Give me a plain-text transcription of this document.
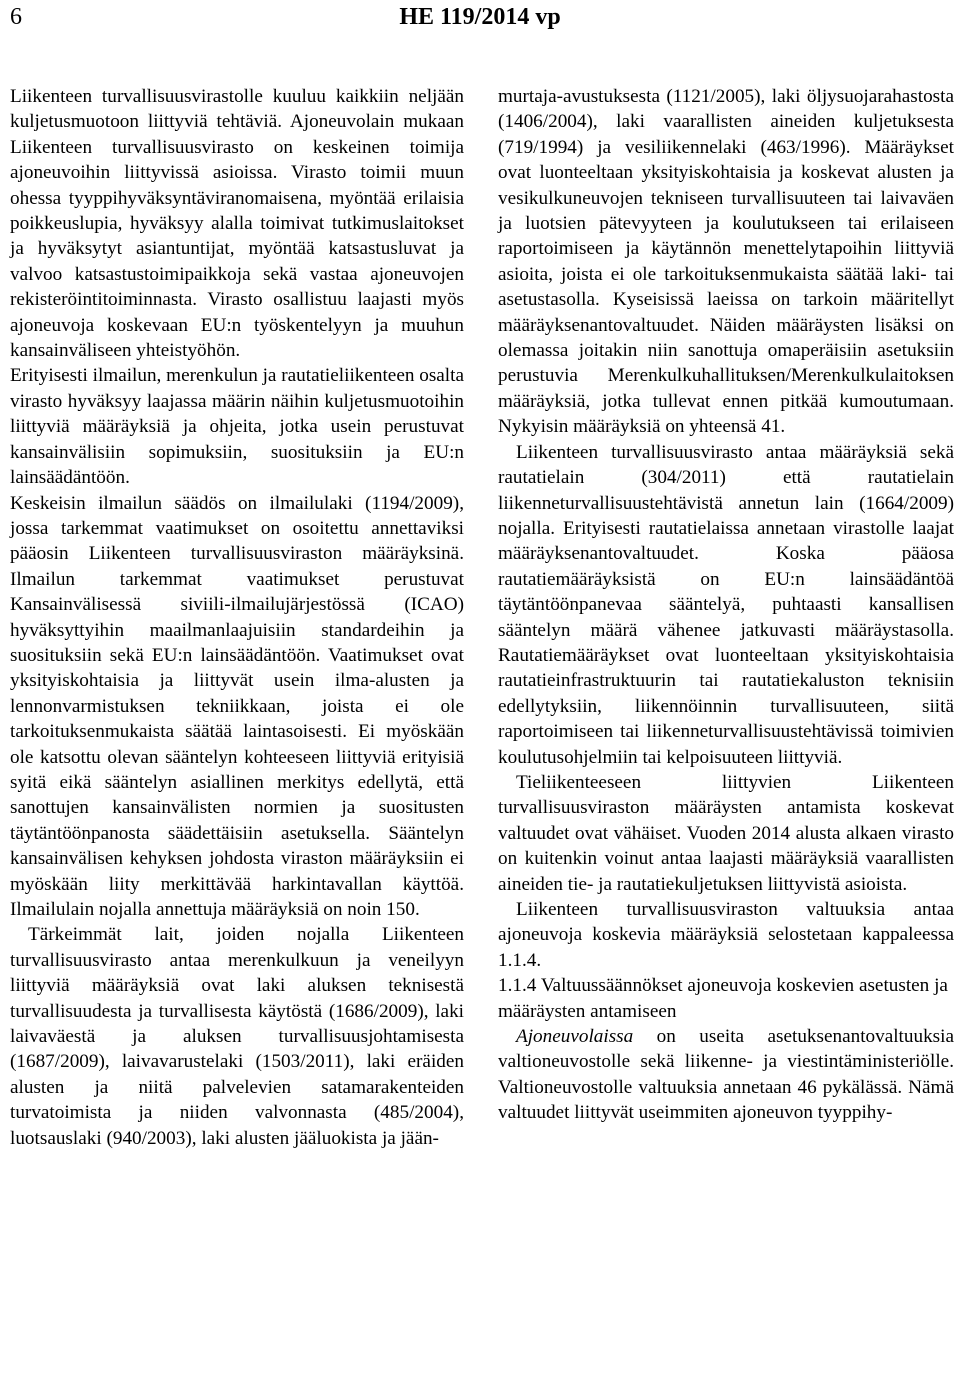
6	HE 119/2014 vp

Liikenteen turvallisuusvirastolle kuuluu kaikkiin neljään kuljetusmuotoon liittyviä tehtäviä. Ajoneuvolain mukaan Liikenteen turvallisuusvirasto on keskeinen toimija ajoneuvoihin liittyvissä asioissa. Virasto toimii muun ohessa tyyppihyväksyntäviranomaisena, myöntää erilaisia poikkeuslupia, hyväksyy alalla toimivat tutkimuslaitokset ja hyväksytyt asiantuntijat, myöntää katsastusluvat ja valvoo katsastustoimipaikkoja sekä vastaa ajoneuvojen rekisteröintitoiminnasta. Virasto osallistuu laajasti myös ajoneuvoja koskevaan EU:n työskentelyyn ja muuhun kansainväliseen yhteistyöhön.

Erityisesti ilmailun, merenkulun ja rautatieliikenteen osalta virasto hyväksyy laajassa määrin näihin kuljetusmuotoihin liittyviä määräyksiä ja ohjeita, jotka usein perustuvat kansainvälisiin sopimuksiin, suosituksiin ja EU:n lainsäädäntöön.

Keskeisin ilmailun säädös on ilmailulaki (1194/2009), jossa tarkemmat vaatimukset on osoitettu annettaviksi pääosin Liikenteen turvallisuusviraston määräyksinä. Ilmailun tarkemmat vaatimukset perustuvat Kansainvälisessä siviili-ilmailujärjestössä (ICAO) hyväksyttyihin maailmanlaajuisiin standardeihin ja suosituksiin sekä EU:n lainsäädäntöön. Vaatimukset ovat yksityiskohtaisia ja liittyvät usein ilma-alusten ja lennonvarmistuksen tekniikkaan, joista ei ole tarkoituksenmukaista säätää laintasoisesti. Ei myöskään ole katsottu olevan sääntelyn kohteeseen liittyviä erityisiä syitä eikä sääntelyn asiallinen merkitys edellytä, että sanottujen kansainvälisten normien ja suositusten täytäntöönpanosta säädettäisiin asetuksella. Sääntelyn kansainvälisen kehyksen johdosta viraston määräyksiin ei myöskään liity merkittävää harkintavallan käyttöä. Ilmailulain nojalla annettuja määräyksiä on noin 150.

Tärkeimmät lait, joiden nojalla Liikenteen turvallisuusvirasto antaa merenkulkuun ja veneilyyn liittyviä määräyksiä ovat laki aluksen teknisestä turvallisuudesta ja turvallisesta käytöstä (1686/2009), laki laivaväestä ja aluksen turvallisuusjohtamisesta (1687/2009), laivavarustelaki (1503/2011), laki eräiden alusten ja niitä palvelevien satamarakenteiden turvatoimista ja niiden valvonnasta (485/2004), luotsauslaki (940/2003), laki alusten jääluokista ja jään-

murtaja-avustuksesta (1121/2005), laki öljysuojarahastosta (1406/2004), laki vaarallisten aineiden kuljetuksesta (719/1994) ja vesiliikennelaki (463/1996). Määräykset ovat luonteeltaan yksityiskohtaisia ja koskevat alusten ja vesikulkuneuvojen tekniseen turvallisuuteen tai laivaväen ja luotsien pätevyyteen ja koulutukseen tai erilaiseen raportoimiseen ja käytännön menettelytapoihin liittyviä asioita, joista ei ole tarkoituksenmukaista säätää laki- tai asetustasolla. Kyseisissä laeissa on tarkoin määritellyt määräyksenantovaltuudet. Näiden määräysten lisäksi on olemassa joitakin niin sanottuja omaperäisiin asetuksiin perustuvia Merenkulkuhallituksen/Merenkulkulaitoksen määräyksiä, jotka tullevat ennen pitkää kumoutumaan. Nykyisin määräyksiä on yhteensä 41.

Liikenteen turvallisuusvirasto antaa määräyksiä sekä rautatielain (304/2011) että rautatielain liikenneturvallisuustehtävistä annetun lain (1664/2009) nojalla. Erityisesti rautatielaissa annetaan virastolle laajat määräyksenantovaltuudet. Koska pääosa rautatiemääräyksistä on EU:n lainsäädäntöä täytäntöönpanevaa sääntelyä, puhtaasti kansallisen sääntelyn määrä vähenee jatkuvasti määräystasolla. Rautatiemääräykset ovat luonteeltaan yksityiskohtaisia rautatieinfrastruktuurin tai rautatiekaluston teknisiin edellytyksiin, liikennöinnin turvallisuuteen, siitä raportoimiseen tai liikenneturvallisuustehtävissä toimivien koulutusohjelmiin tai kelpoisuuteen liittyviä.

Tieliikenteeseen liittyvien Liikenteen turvallisuusviraston määräysten antamista koskevat valtuudet ovat vähäiset. Vuoden 2014 alusta alkaen virasto on kuitenkin voinut antaa laajasti määräyksiä vaarallisten aineiden tie- ja rautatiekuljetuksen liittyvistä asioista.

Liikenteen turvallisuusviraston valtuuksia antaa ajoneuvoja koskevia määräyksiä selostetaan kappaleessa 1.1.4.

1.1.4 Valtuussäännökset ajoneuvoja koskevien asetusten ja määräysten antamiseen

Ajoneuvolaissa on useita asetuksenantovaltuuksia valtioneuvostolle sekä liikenne- ja viestintäministeriölle. Valtioneuvostolle valtuuksia annetaan 46 pykälässä. Nämä valtuudet liittyvät useimmiten ajoneuvon tyyppihy-
